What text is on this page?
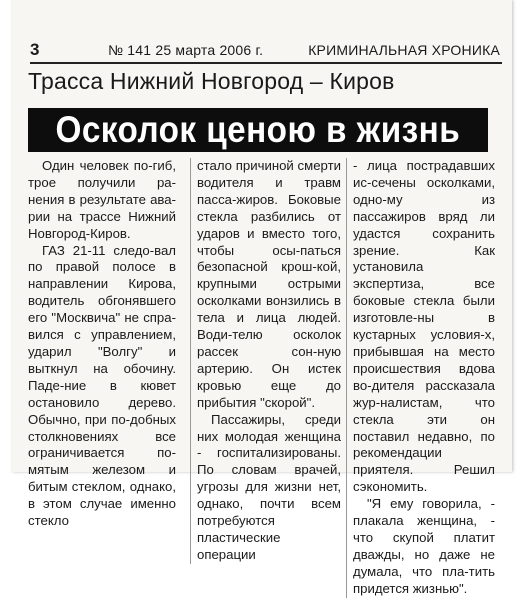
3	№ 141 25 марта 2006 г.	КРИМИНАЛЬНАЯ ХРОНИКА
Трасса Нижний Новгород – Киров
Осколок ценою в жизнь

Один человек по-гиб, трое получили ра-нения в результате ава-рии на трассе Нижний Новгород-Киров.

ГАЗ 21-11 следо-вал по правой полосе в направлении Кирова, водитель обгонявшего его "Москвича" не спра-вился с управлением, ударил "Волгу" и выткнул на обочину. Паде-ние в кювет остановило дерево. Обычно, при по-добных столкновениях все ограничивается по-мятым железом и битым стеклом, однако, в этом случае именно стекло

стало причиной смерти водителя и травм пасса-жиров. Боковые стекла разбились от ударов и вместо того, чтобы осы-паться безопасной крош-кой, крупными острыми осколками вонзились в тела и лица людей. Води-телю осколок рассек сон-ную артерию. Он истек кровью еще до прибытия "скорой".

Пассажиры, среди них молодая женщина - госпитализированы. По словам врачей, угрозы для жизни нет, однако, почти всем потребуются пластические операции

- лица пострадавших ис-сечены осколками, одно-му из пассажиров вряд ли удастся сохранить зрение. Как установила экспертиза, все боковые стекла были изготовле-ны в кустарных условия-х, прибывшая на место происшествия вдова во-дителя рассказала жур-налистам, что стекла эти он поставил недавно, по рекомендации приятеля. Решил сэкономить.

"Я ему говорила, - плакала женщина, - что скупой платит дважды, но даже не думала, что пла-тить придется жизнью".
